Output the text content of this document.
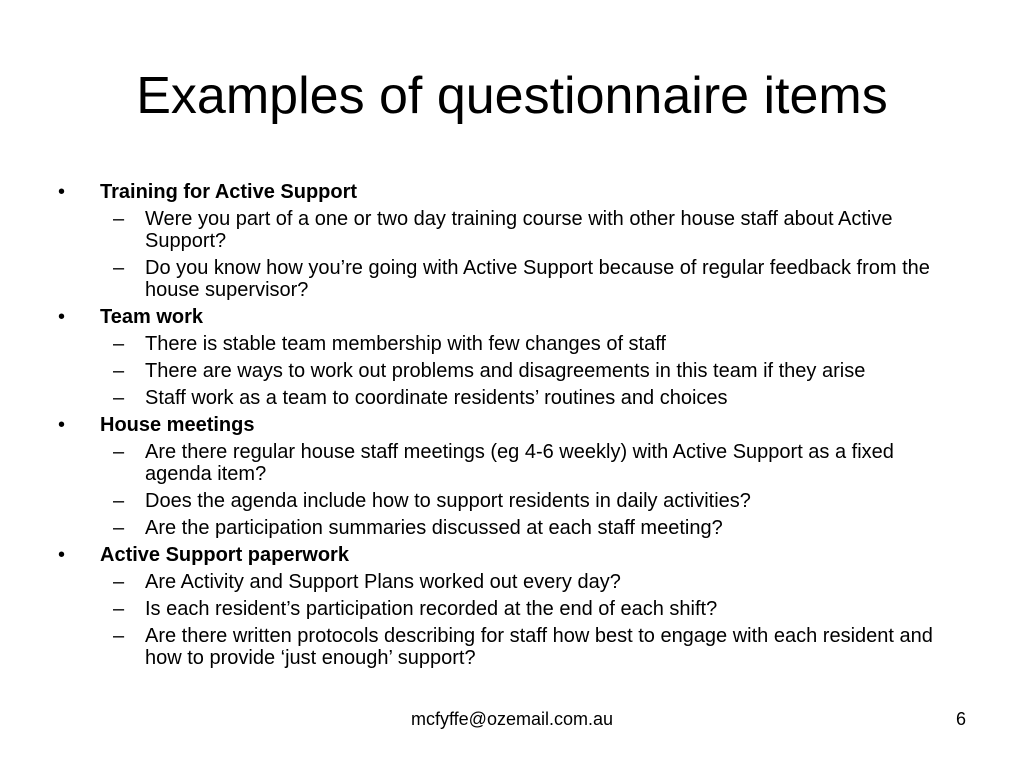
Examples of questionnaire items
• Training for Active Support
– Were you part of a one or two day training course with other house staff about Active Support?
– Do you know how you’re going with Active Support because of regular feedback from the house supervisor?
• Team work
– There is stable team membership with few changes of staff
– There are ways to work out problems and disagreements in this team if they arise
– Staff work as a team to coordinate residents’ routines and choices
• House meetings
– Are there regular house staff meetings (eg 4-6 weekly) with Active Support as a fixed agenda item?
– Does the agenda include how to support residents in daily activities?
– Are the participation summaries discussed at each staff meeting?
• Active Support paperwork
– Are Activity and Support Plans worked out every day?
– Is each resident’s participation recorded at the end of each shift?
– Are there written protocols describing for staff how best to engage with each resident and how to provide ‘just enough’ support?
mcfyffe@ozemail.com.au	6
